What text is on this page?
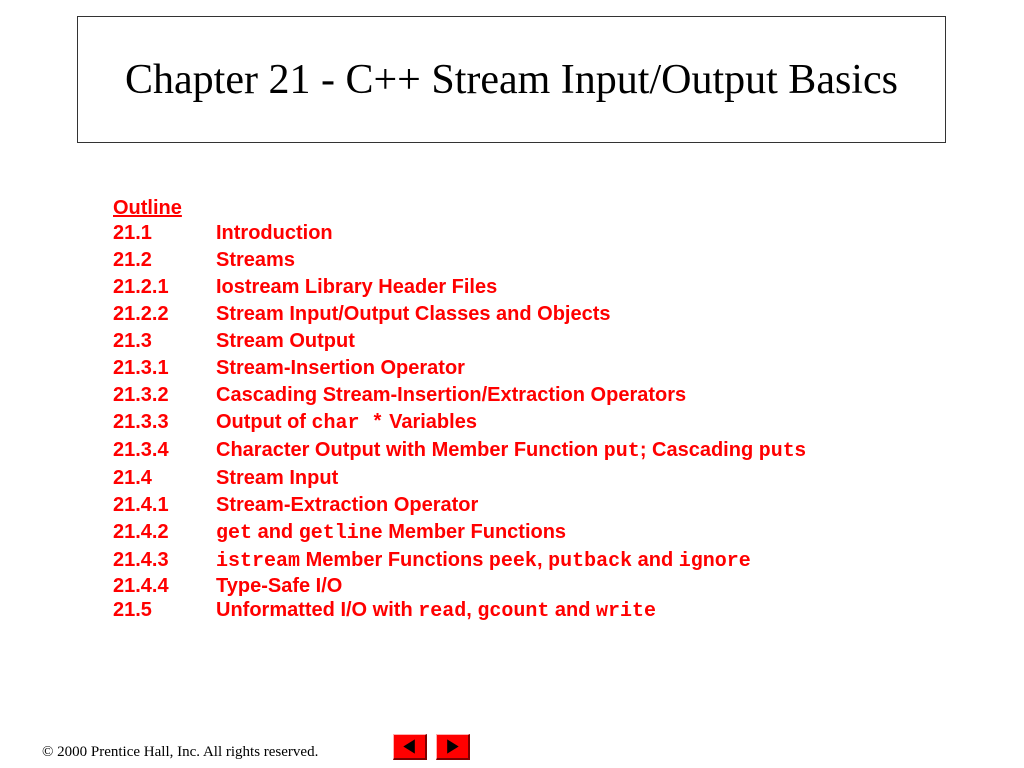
Chapter 21 - C++ Stream Input/Output Basics
Outline
21.1	Introduction
21.2	Streams
21.2.1	Iostream Library Header Files
21.2.2	Stream Input/Output Classes and Objects
21.3	Stream Output
21.3.1	Stream-Insertion Operator
21.3.2	Cascading Stream-Insertion/Extraction Operators
21.3.3	Output of char * Variables
21.3.4	Character Output with Member Function put; Cascading puts
21.4	Stream Input
21.4.1	Stream-Extraction Operator
21.4.2	get and getline Member Functions
21.4.3	istream Member Functions peek, putback and ignore
21.4.4	Type-Safe I/O
21.5	Unformatted I/O with read, gcount and write
© 2000 Prentice Hall, Inc. All rights reserved.
